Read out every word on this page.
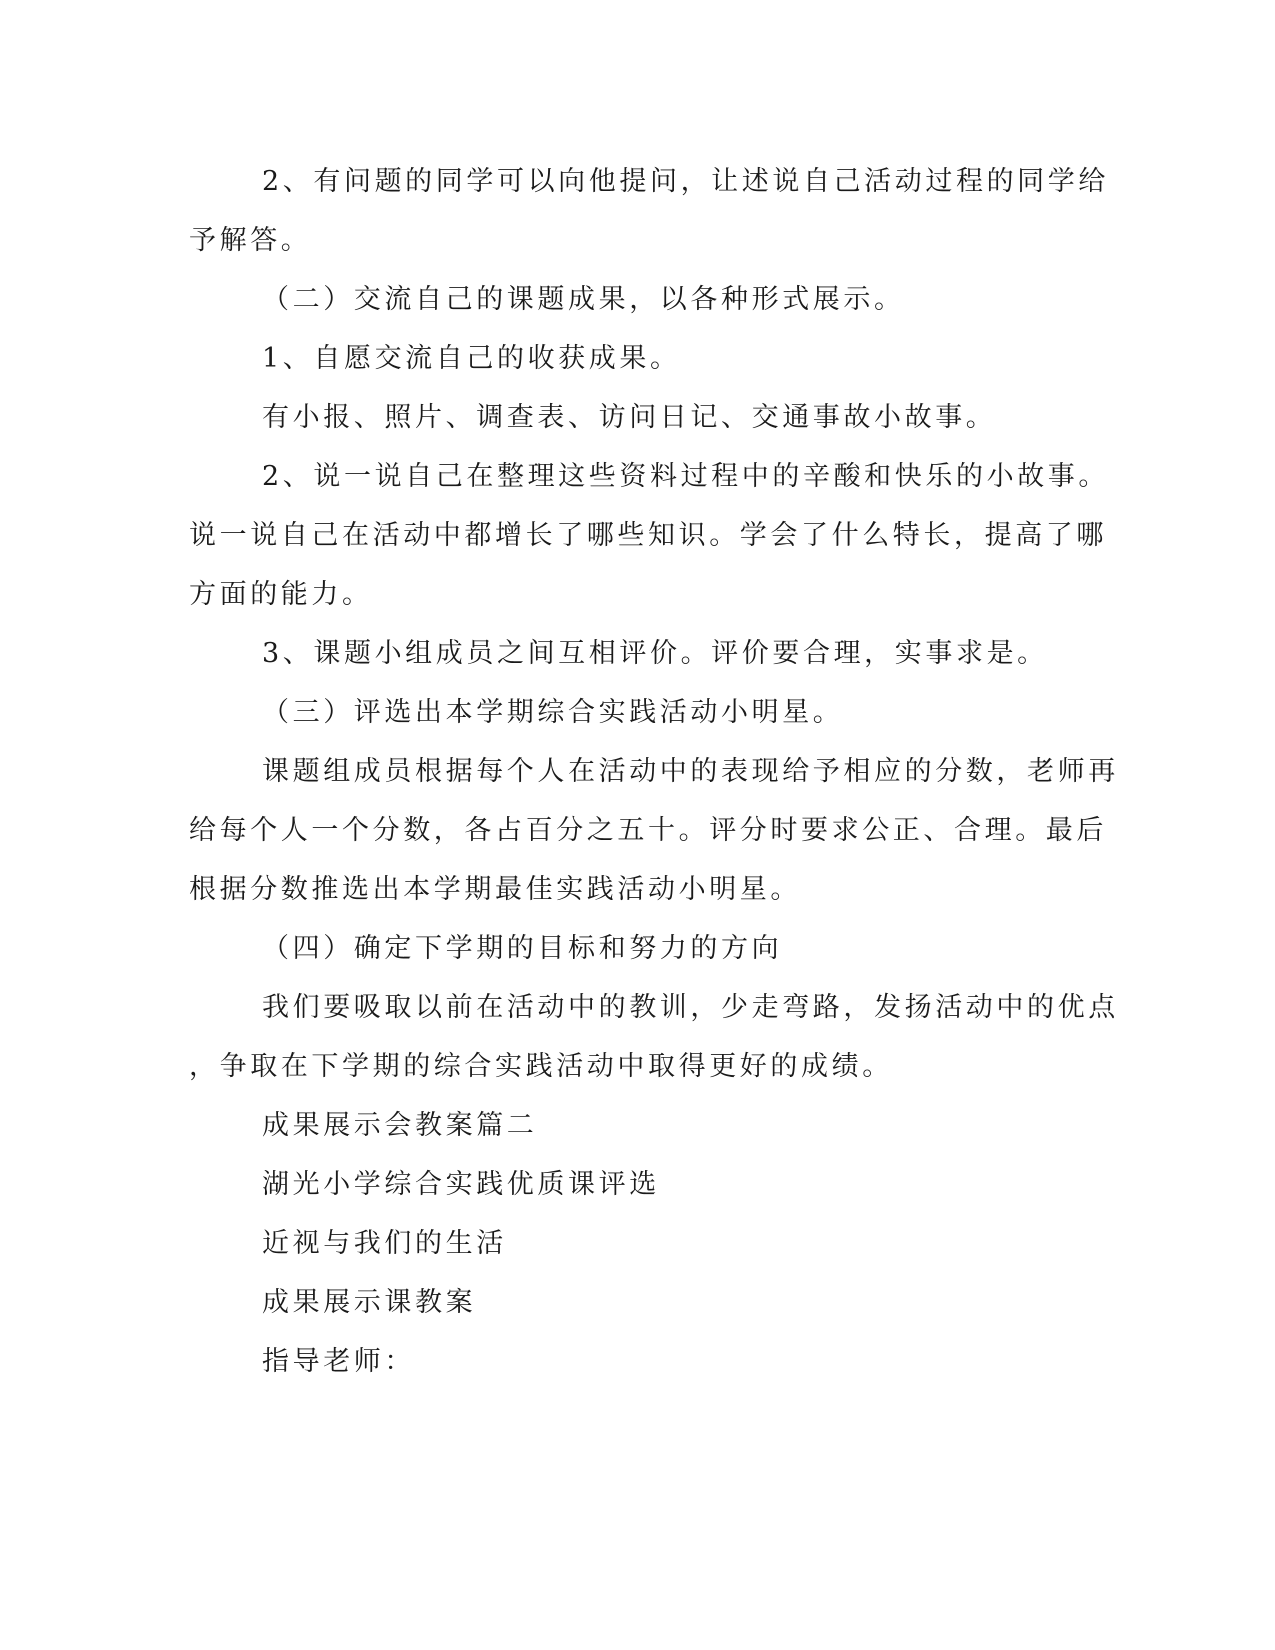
2、有问题的同学可以向他提问，让述说自己活动过程的同学给
予解答。
（二）交流自己的课题成果，以各种形式展示。
1、自愿交流自己的收获成果。
有小报、照片、调查表、访问日记、交通事故小故事。
2、说一说自己在整理这些资料过程中的辛酸和快乐的小故事。
说一说自己在活动中都增长了哪些知识。学会了什么特长，提高了哪
方面的能力。
3、课题小组成员之间互相评价。评价要合理，实事求是。
（三）评选出本学期综合实践活动小明星。
课题组成员根据每个人在活动中的表现给予相应的分数，老师再
给每个人一个分数，各占百分之五十。评分时要求公正、合理。最后
根据分数推选出本学期最佳实践活动小明星。
（四）确定下学期的目标和努力的方向
我们要吸取以前在活动中的教训，少走弯路，发扬活动中的优点
，争取在下学期的综合实践活动中取得更好的成绩。
成果展示会教案篇二
湖光小学综合实践优质课评选
近视与我们的生活
成果展示课教案
指导老师：
